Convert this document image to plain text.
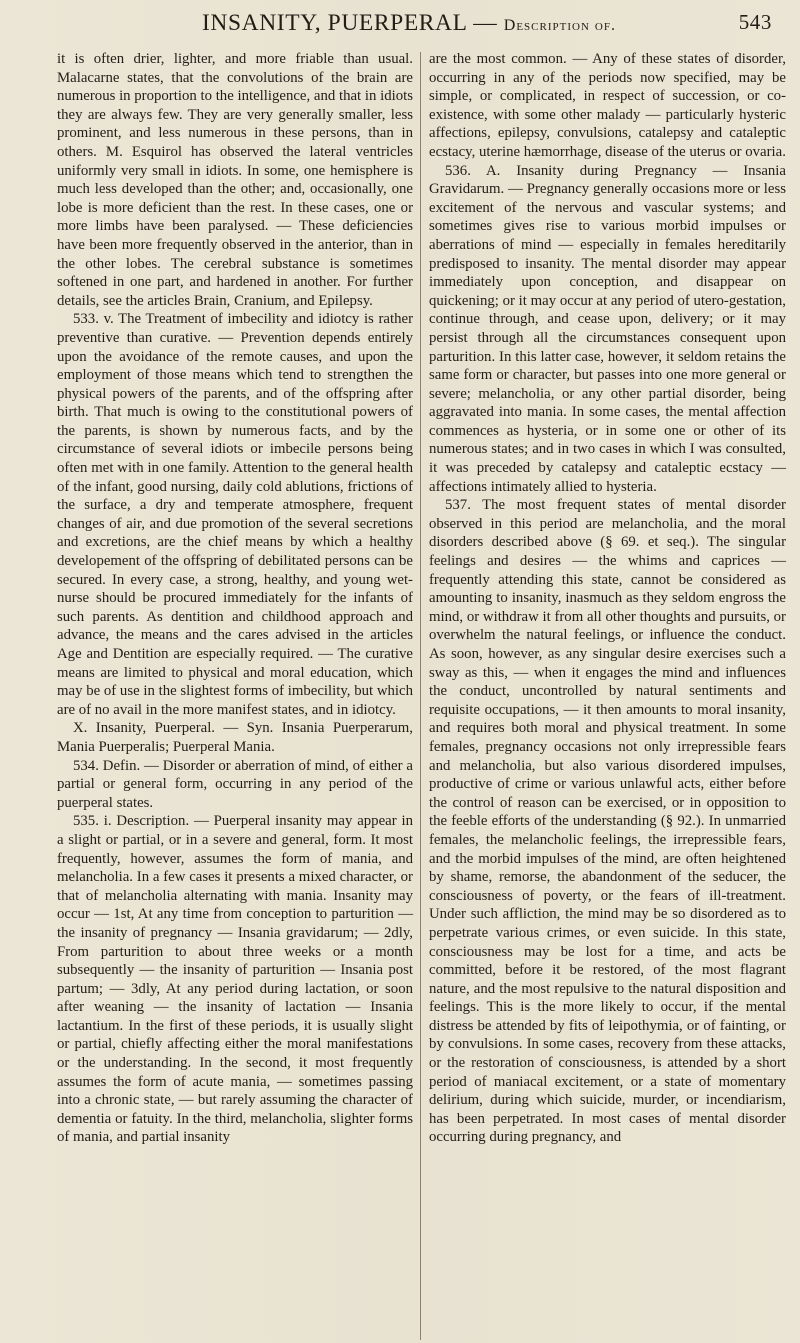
INSANITY, PUERPERAL — Description of.	543

it is often drier, lighter, and more friable than usual. Malacarne states, that the convolutions of the brain are numerous in proportion to the intelligence, and that in idiots they are always few. They are very generally smaller, less prominent, and less numerous in these persons, than in others. M. Esquirol has observed the lateral ventricles uniformly very small in idiots. In some, one hemisphere is much less developed than the other; and, occasionally, one lobe is more deficient than the rest. In these cases, one or more limbs have been paralysed. — These deficiencies have been more frequently observed in the anterior, than in the other lobes. The cerebral substance is sometimes softened in one part, and hardened in another. For further details, see the articles Brain, Cranium, and Epilepsy.

533. v. The Treatment of imbecility and idiotcy is rather preventive than curative. — Prevention depends entirely upon the avoidance of the remote causes, and upon the employment of those means which tend to strengthen the physical powers of the parents, and of the offspring after birth. That much is owing to the constitutional powers of the parents, is shown by numerous facts, and by the circumstance of several idiots or imbecile persons being often met with in one family. Attention to the general health of the infant, good nursing, daily cold ablutions, frictions of the surface, a dry and temperate atmosphere, frequent changes of air, and due promotion of the several secretions and excretions, are the chief means by which a healthy developement of the offspring of debilitated persons can be secured. In every case, a strong, healthy, and young wet-nurse should be procured immediately for the infants of such parents. As dentition and childhood approach and advance, the means and the cares advised in the articles Age and Dentition are especially required. — The curative means are limited to physical and moral education, which may be of use in the slightest forms of imbecility, but which are of no avail in the more manifest states, and in idiotcy.

X. Insanity, Puerperal. — Syn. Insania Puerperarum, Mania Puerperalis; Puerperal Mania.

534. Defin. — Disorder or aberration of mind, of either a partial or general form, occurring in any period of the puerperal states.

535. i. Description. — Puerperal insanity may appear in a slight or partial, or in a severe and general, form. It most frequently, however, assumes the form of mania, and melancholia. In a few cases it presents a mixed character, or that of melancholia alternating with mania. Insanity may occur — 1st, At any time from conception to parturition — the insanity of pregnancy — Insania gravidarum; — 2dly, From parturition to about three weeks or a month subsequently — the insanity of parturition — Insania post partum; — 3dly, At any period during lactation, or soon after weaning — the insanity of lactation — Insania lactantium. In the first of these periods, it is usually slight or partial, chiefly affecting either the moral manifestations or the understanding. In the second, it most frequently assumes the form of acute mania, — sometimes passing into a chronic state, — but rarely assuming the character of dementia or fatuity. In the third, melancholia, slighter forms of mania, and partial insanity

are the most common. — Any of these states of disorder, occurring in any of the periods now specified, may be simple, or complicated, in respect of succession, or co-existence, with some other malady — particularly hysteric affections, epilepsy, convulsions, catalepsy and cataleptic ecstacy, uterine hæmorrhage, disease of the uterus or ovaria.

536. A. Insanity during Pregnancy — Insania Gravidarum. — Pregnancy generally occasions more or less excitement of the nervous and vascular systems; and sometimes gives rise to various morbid impulses or aberrations of mind — especially in females hereditarily predisposed to insanity. The mental disorder may appear immediately upon conception, and disappear on quickening; or it may occur at any period of utero-gestation, continue through, and cease upon, delivery; or it may persist through all the circumstances consequent upon parturition. In this latter case, however, it seldom retains the same form or character, but passes into one more general or severe; melancholia, or any other partial disorder, being aggravated into mania. In some cases, the mental affection commences as hysteria, or in some one or other of its numerous states; and in two cases in which I was consulted, it was preceded by catalepsy and cataleptic ecstacy — affections intimately allied to hysteria.

537. The most frequent states of mental disorder observed in this period are melancholia, and the moral disorders described above (§ 69. et seq.). The singular feelings and desires — the whims and caprices — frequently attending this state, cannot be considered as amounting to insanity, inasmuch as they seldom engross the mind, or withdraw it from all other thoughts and pursuits, or overwhelm the natural feelings, or influence the conduct. As soon, however, as any singular desire exercises such a sway as this, — when it engages the mind and influences the conduct, uncontrolled by natural sentiments and requisite occupations, — it then amounts to moral insanity, and requires both moral and physical treatment. In some females, pregnancy occasions not only irrepressible fears and melancholia, but also various disordered impulses, productive of crime or various unlawful acts, either before the control of reason can be exercised, or in opposition to the feeble efforts of the understanding (§ 92.). In unmarried females, the melancholic feelings, the irrepressible fears, and the morbid impulses of the mind, are often heightened by shame, remorse, the abandonment of the seducer, the consciousness of poverty, or the fears of ill-treatment. Under such affliction, the mind may be so disordered as to perpetrate various crimes, or even suicide. In this state, consciousness may be lost for a time, and acts be committed, before it be restored, of the most flagrant nature, and the most repulsive to the natural disposition and feelings. This is the more likely to occur, if the mental distress be attended by fits of leipothymia, or of fainting, or by convulsions. In some cases, recovery from these attacks, or the restoration of consciousness, is attended by a short period of maniacal excitement, or a state of momentary delirium, during which suicide, murder, or incendiarism, has been perpetrated. In most cases of mental disorder occurring during pregnancy, and
